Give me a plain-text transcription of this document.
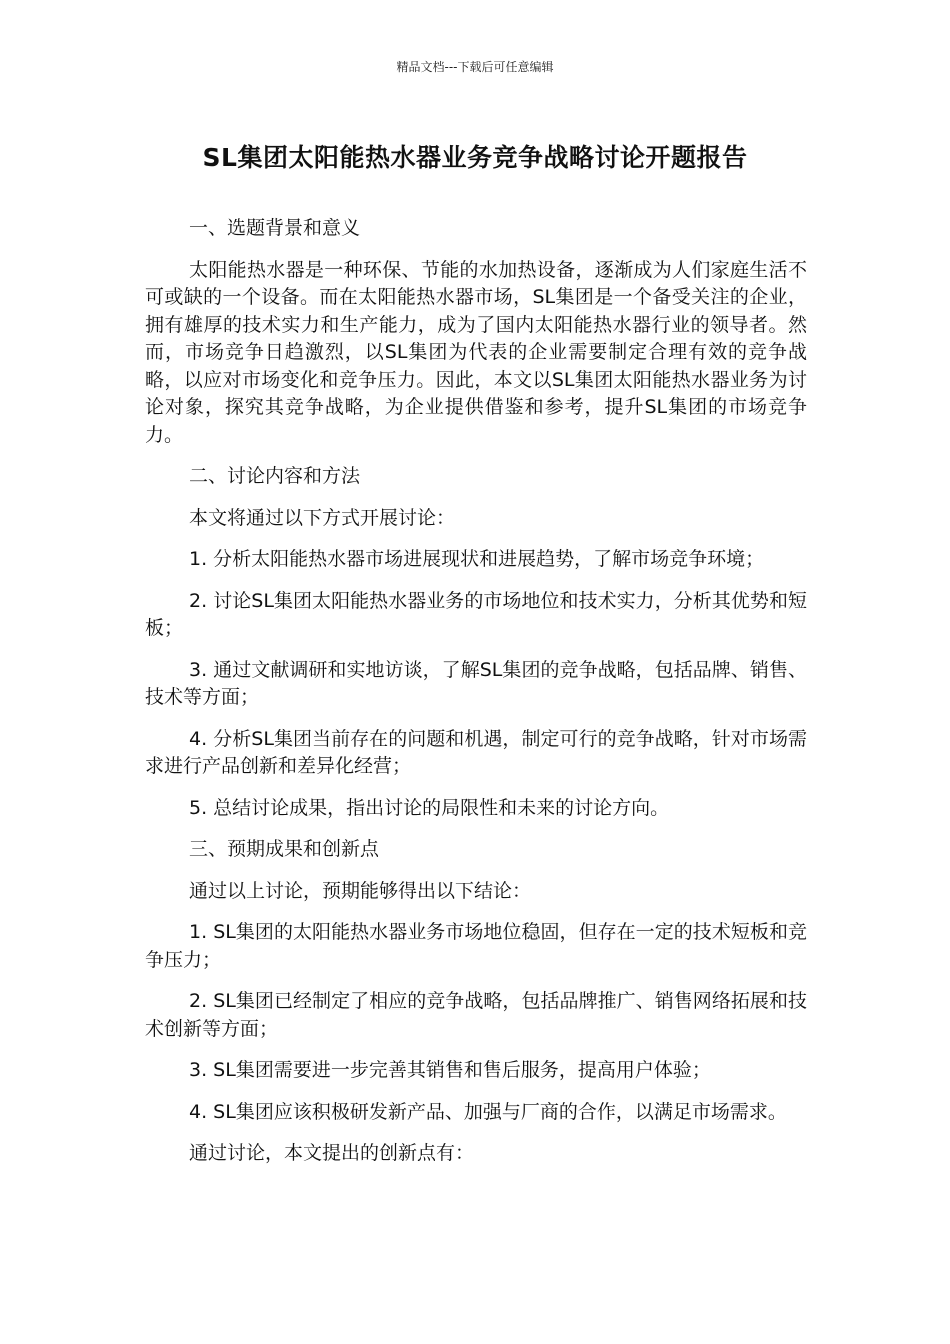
精品文档---下载后可任意编辑
SL集团太阳能热水器业务竞争战略讨论开题报告

一、选题背景和意义

太阳能热水器是一种环保、节能的水加热设备，逐渐成为人们家庭生活不可或缺的一个设备。而在太阳能热水器市场，SL集团是一个备受关注的企业，拥有雄厚的技术实力和生产能力，成为了国内太阳能热水器行业的领导者。然而，市场竞争日趋激烈，以SL集团为代表的企业需要制定合理有效的竞争战略，以应对市场变化和竞争压力。因此，本文以SL集团太阳能热水器业务为讨论对象，探究其竞争战略，为企业提供借鉴和参考，提升SL集团的市场竞争力。

二、讨论内容和方法

本文将通过以下方式开展讨论：

1. 分析太阳能热水器市场进展现状和进展趋势，了解市场竞争环境；

2. 讨论SL集团太阳能热水器业务的市场地位和技术实力，分析其优势和短板；

3. 通过文献调研和实地访谈，了解SL集团的竞争战略，包括品牌、销售、技术等方面；

4. 分析SL集团当前存在的问题和机遇，制定可行的竞争战略，针对市场需求进行产品创新和差异化经营；

5. 总结讨论成果，指出讨论的局限性和未来的讨论方向。

三、预期成果和创新点

通过以上讨论，预期能够得出以下结论：

1. SL集团的太阳能热水器业务市场地位稳固，但存在一定的技术短板和竞争压力；

2. SL集团已经制定了相应的竞争战略，包括品牌推广、销售网络拓展和技术创新等方面；

3. SL集团需要进一步完善其销售和售后服务，提高用户体验；

4. SL集团应该积极研发新产品、加强与厂商的合作，以满足市场需求。

通过讨论，本文提出的创新点有：
